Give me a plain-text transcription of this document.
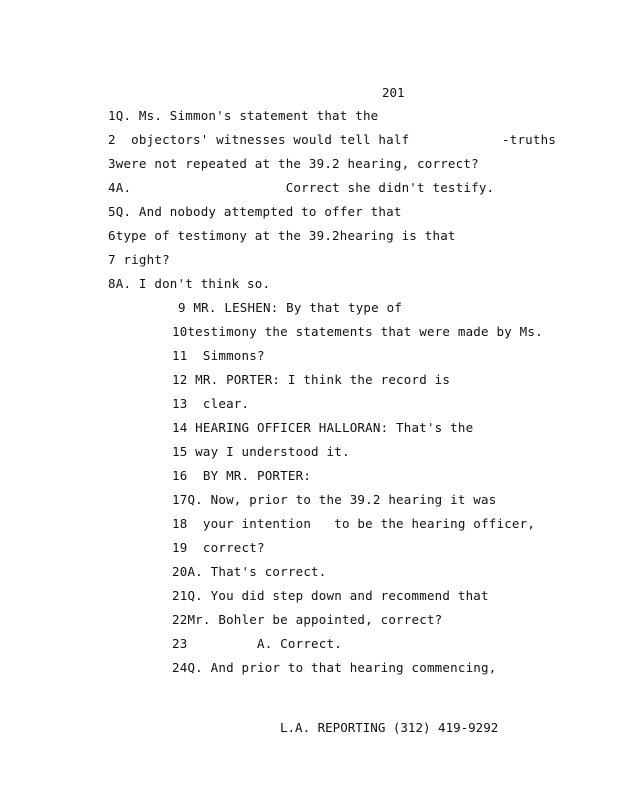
201
1Q. Ms. Simmon's statement that the
2  objectors' witnesses would tell half            -truths
3were not repeated at the 39.2 hearing, correct?
4A.                    Correct she didn't testify.
5Q. And nobody attempted to offer that
6type of testimony at the 39.2hearing is that
7 right?
8A. I don't think so.
9 MR. LESHEN: By that type of
10testimony the statements that were made by Ms.
11  Simmons?
12 MR. PORTER: I think the record is
13  clear.
14 HEARING OFFICER HALLORAN: That's the
15 way I understood it.
16  BY MR. PORTER:
17Q. Now, prior to the 39.2 hearing it was
18  your intention   to be the hearing officer,
19  correct?
20A. That's correct.
21Q. You did step down and recommend that
22Mr. Bohler be appointed, correct?
23         A. Correct.
24Q. And prior to that hearing commencing,
L.A. REPORTING (312) 419-9292
